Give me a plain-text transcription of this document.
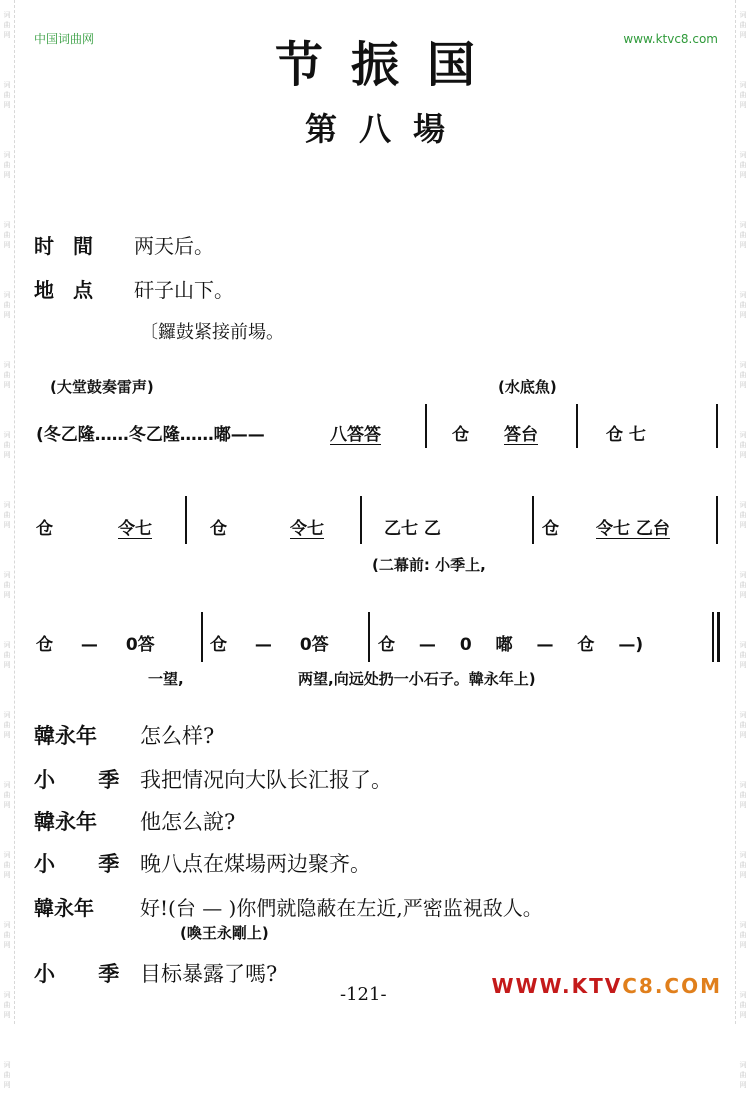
词 曲 网
词 曲 网
词 曲 网
词 曲 网
词 曲 网
词 曲 网
词 曲 网
词 曲 网
词 曲 网
词 曲 网
词 曲 网
词 曲 网
词 曲 网
词 曲 网
词 曲 网
词 曲 网
词 曲 网
词 曲 网
词 曲 网
词 曲 网
词 曲 网
词 曲 网
词 曲 网
词 曲 网
词 曲 网
词 曲 网
词 曲 网
词 曲 网
词 曲 网
词 曲 网
词 曲 网
词 曲 网
中国词曲网	www.ktvc8.com
节振国
第八場
时 間 两天后。
地 点 矸子山下。
〔鑼鼓紧接前場。
(大堂鼓奏雷声)	(水底魚)
(冬乙隆……冬乙隆……嘟——	八答答	仓 答台	仓 七
仓	令七	仓	令七	乙七 乙	仓 令七 乙台
(二幕前: 小季上,
仓 — 0答	仓 — 0答	仓 — 0 嘟 — 仓 —)
一望,	两望,向远处扔一小石子。韓永年上)
韓永年 怎么样?
小 季 我把情况向大队长汇报了。
韓永年 他怎么說?
小 季 晚八点在煤場两边聚齐。
韓永年 好!(台 — )你們就隐蔽在左近,严密监視敌人。
(喚王永剛上)
小 季 目标暴露了嗎?
-121-	WWW.KTVC8.COM
